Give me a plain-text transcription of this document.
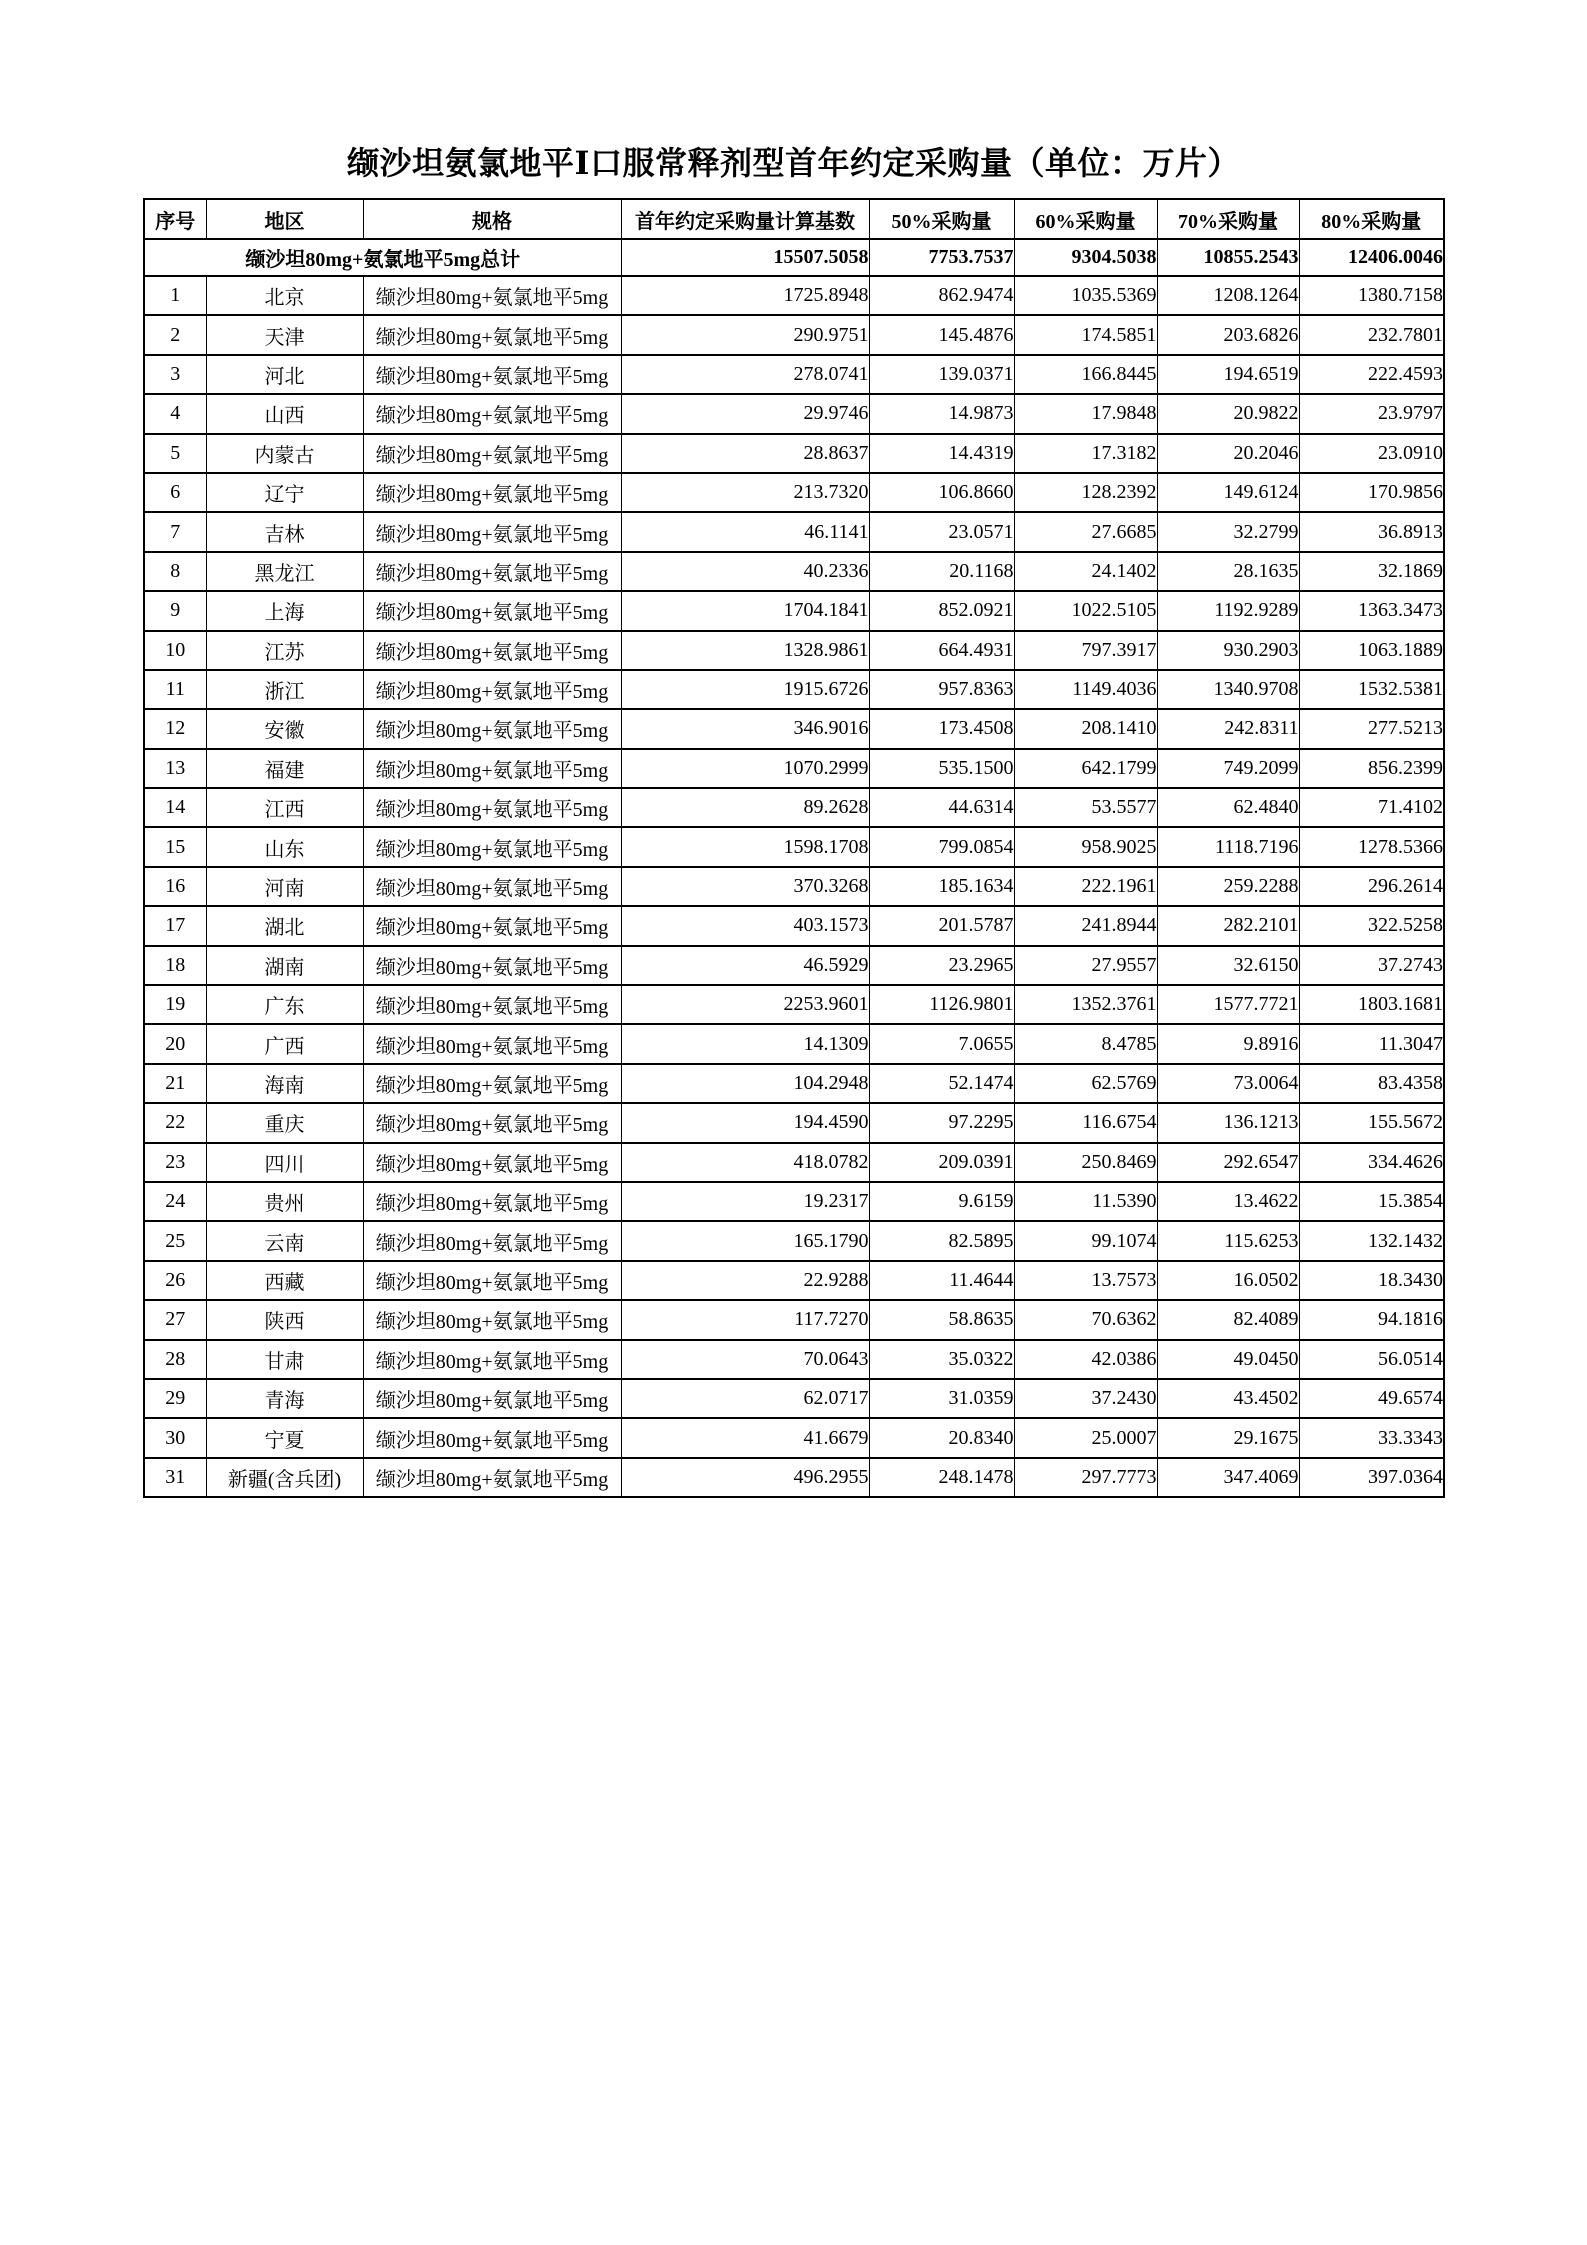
缬沙坦氨氯地平Ⅰ口服常释剂型首年约定采购量（单位：万片）
序号	地区	规格	首年约定采购量计算基数	50%采购量	60%采购量	70%采购量	80%采购量
缬沙坦80mg+氨氯地平5mg总计			15507.5058	7753.7537	9304.5038	10855.2543	12406.0046
1	北京	缬沙坦80mg+氨氯地平5mg	1725.8948	862.9474	1035.5369	1208.1264	1380.7158
2	天津	缬沙坦80mg+氨氯地平5mg	290.9751	145.4876	174.5851	203.6826	232.7801
3	河北	缬沙坦80mg+氨氯地平5mg	278.0741	139.0371	166.8445	194.6519	222.4593
4	山西	缬沙坦80mg+氨氯地平5mg	29.9746	14.9873	17.9848	20.9822	23.9797
5	内蒙古	缬沙坦80mg+氨氯地平5mg	28.8637	14.4319	17.3182	20.2046	23.0910
6	辽宁	缬沙坦80mg+氨氯地平5mg	213.7320	106.8660	128.2392	149.6124	170.9856
7	吉林	缬沙坦80mg+氨氯地平5mg	46.1141	23.0571	27.6685	32.2799	36.8913
8	黑龙江	缬沙坦80mg+氨氯地平5mg	40.2336	20.1168	24.1402	28.1635	32.1869
9	上海	缬沙坦80mg+氨氯地平5mg	1704.1841	852.0921	1022.5105	1192.9289	1363.3473
10	江苏	缬沙坦80mg+氨氯地平5mg	1328.9861	664.4931	797.3917	930.2903	1063.1889
11	浙江	缬沙坦80mg+氨氯地平5mg	1915.6726	957.8363	1149.4036	1340.9708	1532.5381
12	安徽	缬沙坦80mg+氨氯地平5mg	346.9016	173.4508	208.1410	242.8311	277.5213
13	福建	缬沙坦80mg+氨氯地平5mg	1070.2999	535.1500	642.1799	749.2099	856.2399
14	江西	缬沙坦80mg+氨氯地平5mg	89.2628	44.6314	53.5577	62.4840	71.4102
15	山东	缬沙坦80mg+氨氯地平5mg	1598.1708	799.0854	958.9025	1118.7196	1278.5366
16	河南	缬沙坦80mg+氨氯地平5mg	370.3268	185.1634	222.1961	259.2288	296.2614
17	湖北	缬沙坦80mg+氨氯地平5mg	403.1573	201.5787	241.8944	282.2101	322.5258
18	湖南	缬沙坦80mg+氨氯地平5mg	46.5929	23.2965	27.9557	32.6150	37.2743
19	广东	缬沙坦80mg+氨氯地平5mg	2253.9601	1126.9801	1352.3761	1577.7721	1803.1681
20	广西	缬沙坦80mg+氨氯地平5mg	14.1309	7.0655	8.4785	9.8916	11.3047
21	海南	缬沙坦80mg+氨氯地平5mg	104.2948	52.1474	62.5769	73.0064	83.4358
22	重庆	缬沙坦80mg+氨氯地平5mg	194.4590	97.2295	116.6754	136.1213	155.5672
23	四川	缬沙坦80mg+氨氯地平5mg	418.0782	209.0391	250.8469	292.6547	334.4626
24	贵州	缬沙坦80mg+氨氯地平5mg	19.2317	9.6159	11.5390	13.4622	15.3854
25	云南	缬沙坦80mg+氨氯地平5mg	165.1790	82.5895	99.1074	115.6253	132.1432
26	西藏	缬沙坦80mg+氨氯地平5mg	22.9288	11.4644	13.7573	16.0502	18.3430
27	陕西	缬沙坦80mg+氨氯地平5mg	117.7270	58.8635	70.6362	82.4089	94.1816
28	甘肃	缬沙坦80mg+氨氯地平5mg	70.0643	35.0322	42.0386	49.0450	56.0514
29	青海	缬沙坦80mg+氨氯地平5mg	62.0717	31.0359	37.2430	43.4502	49.6574
30	宁夏	缬沙坦80mg+氨氯地平5mg	41.6679	20.8340	25.0007	29.1675	33.3343
31	新疆(含兵团)	缬沙坦80mg+氨氯地平5mg	496.2955	248.1478	297.7773	347.4069	397.0364
